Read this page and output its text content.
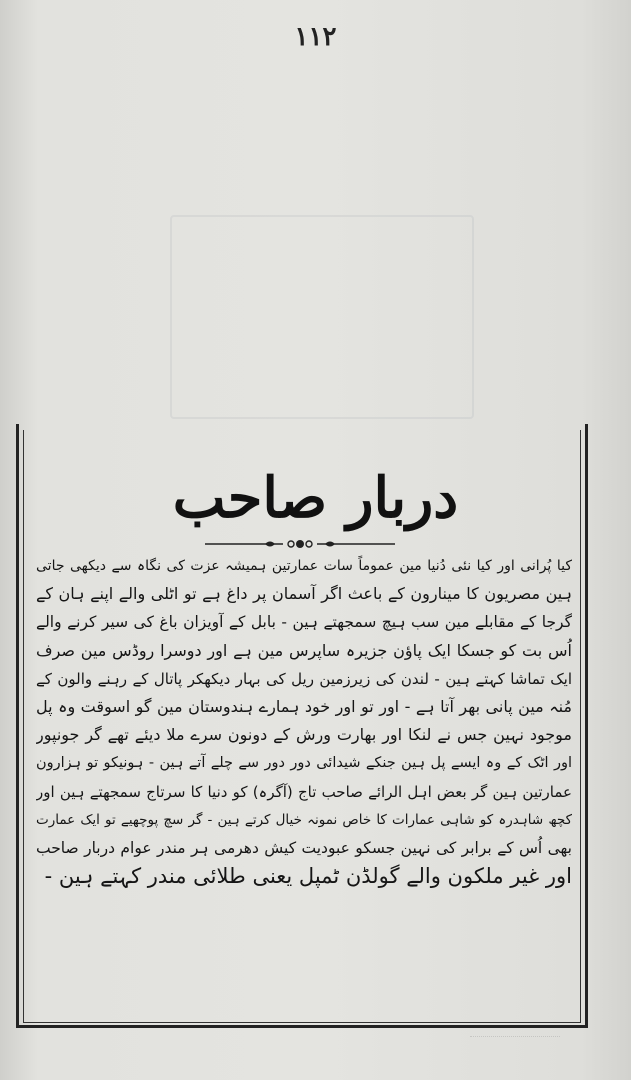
۱۱۲
دربار صاحب
کیا پُرانی اور کیا نئی دُنیا مین عموماً سات عمارتین ہمیشہ عزت کی نگاہ سے دیکھی جاتی
ہین مصریون کا مینارون کے باعث اگر آسمان پر داغ ہے تو اٹلی والے اپنے ہان کے
گرجا کے مقابلے مین سب ہیچ سمجھتے ہین - بابل کے آویزان باغ کی سیر کرنے والے
اُس بت کو جسکا ایک پاؤن جزیرہ ساپرس مین ہے اور دوسرا روڈس مین صرف
ایک تماشا کہتے ہین - لندن کی زیرزمین ریل کی بہار دیکھکر پاتال کے رہنے والون کے
مُنہ مین پانی بھر آتا ہے - اور تو اور خود ہمارے ہندوستان مین گو اسوقت وہ پل
موجود نہین جس نے لنکا اور بھارت ورش کے دونون سرے ملا دیئے تھے گر جونپور
اور اٹک کے وہ ایسے پل ہین جنکے شیدائی دور دور سے چلے آتے ہین - ہونیکو تو ہزارون
عمارتین ہین گر بعض اہل الرائے صاحب تاج (آگرہ) کو دنیا کا سرتاج سمجھتے ہین اور
کچھ شاہدرہ کو شاہی عمارات کا خاص نمونہ خیال کرتے ہین - گر سچ پوچھیے تو ایک عمارت
بھی اُس کے برابر کی نہین جسکو عبودیت کیش دھرمی ہر مندر عوام دربار صاحب
اور غیر ملکون والے گولڈن ٹمپل یعنی طلائی مندر کہتے ہین -
